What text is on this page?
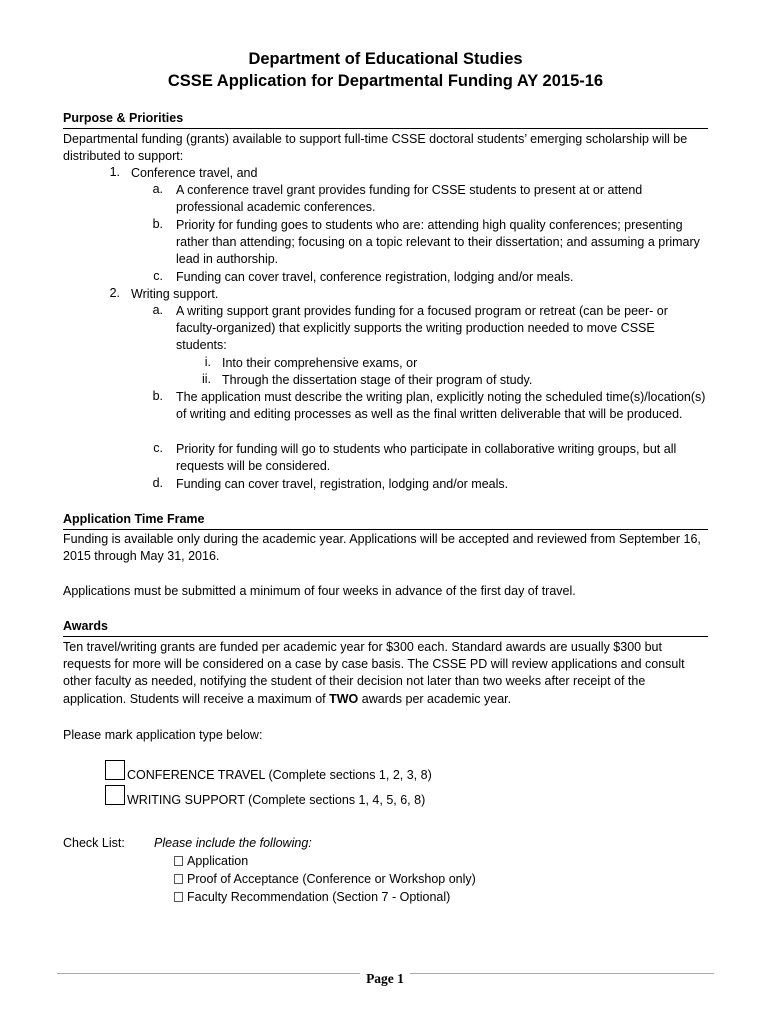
Department of Educational Studies
CSSE Application for Departmental Funding AY 2015-16
Purpose & Priorities

Departmental funding (grants) available to support full-time CSSE doctoral students’ emerging scholarship will be distributed to support:

1. Conference travel, and

a. A conference travel grant provides funding for CSSE students to present at or attend professional academic conferences.

b. Priority for funding goes to students who are: attending high quality conferences; presenting rather than attending; focusing on a topic relevant to their dissertation; and assuming a primary lead in authorship.

c. Funding can cover travel, conference registration, lodging and/or meals.

2. Writing support.

a. A writing support grant provides funding for a focused program or retreat (can be peer- or faculty-organized) that explicitly supports the writing production needed to move CSSE students:

i. Into their comprehensive exams, or

ii. Through the dissertation stage of their program of study.

b. The application must describe the writing plan, explicitly noting the scheduled time(s)/location(s) of writing and editing processes as well as the final written deliverable that will be produced.

c. Priority for funding will go to students who participate in collaborative writing groups, but all requests will be considered.

d. Funding can cover travel, registration, lodging and/or meals.

Application Time Frame

Funding is available only during the academic year. Applications will be accepted and reviewed from September 16, 2015 through May 31, 2016.

Applications must be submitted a minimum of four weeks in advance of the first day of travel.

Awards

Ten travel/writing grants are funded per academic year for $300 each. Standard awards are usually $300 but requests for more will be considered on a case by case basis. The CSSE PD will review applications and consult other faculty as needed, notifying the student of their decision not later than two weeks after receipt of the application. Students will receive a maximum of TWO awards per academic year.

Please mark application type below:

CONFERENCE TRAVEL (Complete sections 1, 2, 3, 8)
WRITING SUPPORT (Complete sections 1, 4, 5, 6, 8)
Check List: Please include the following:
Application
Proof of Acceptance (Conference or Workshop only)
Faculty Recommendation (Section 7 - Optional)
Page 1
